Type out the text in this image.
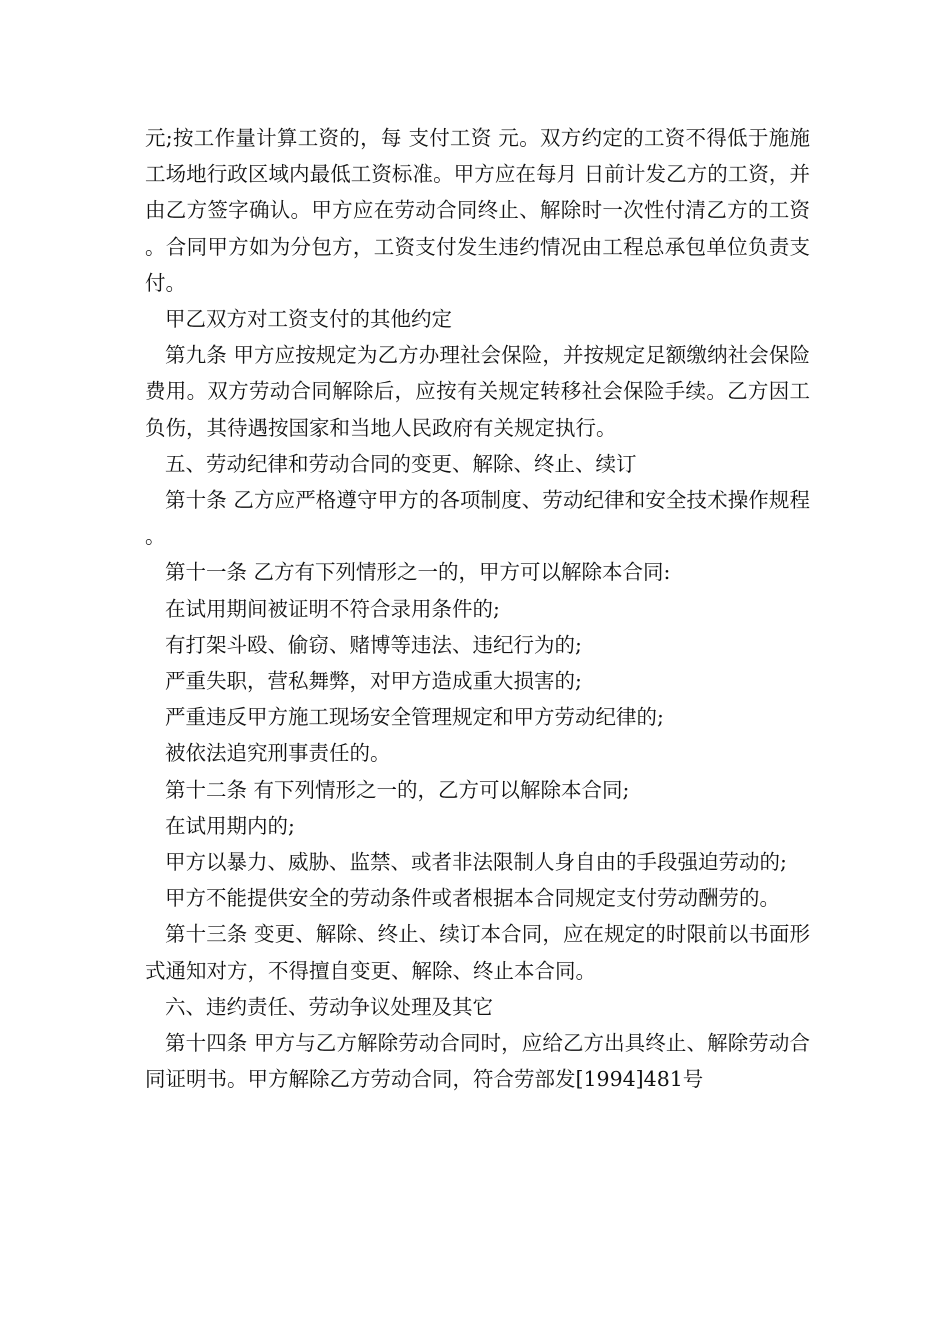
元;按工作量计算工资的，每 支付工资 元。双方约定的工资不得低于施施工场地行政区域内最低工资标准。甲方应在每月 日前计发乙方的工资，并由乙方签字确认。甲方应在劳动合同终止、解除时一次性付清乙方的工资。合同甲方如为分包方，工资支付发生违约情况由工程总承包单位负责支付。

甲乙双方对工资支付的其他约定

第九条 甲方应按规定为乙方办理社会保险，并按规定足额缴纳社会保险费用。双方劳动合同解除后，应按有关规定转移社会保险手续。乙方因工负伤，其待遇按国家和当地人民政府有关规定执行。

五、劳动纪律和劳动合同的变更、解除、终止、续订

第十条 乙方应严格遵守甲方的各项制度、劳动纪律和安全技术操作规程。

第十一条 乙方有下列情形之一的，甲方可以解除本合同:

在试用期间被证明不符合录用条件的;

有打架斗殴、偷窃、赌博等违法、违纪行为的;

严重失职，营私舞弊，对甲方造成重大损害的;

严重违反甲方施工现场安全管理规定和甲方劳动纪律的;

被依法追究刑事责任的。

第十二条 有下列情形之一的，乙方可以解除本合同;

在试用期内的;

甲方以暴力、威胁、监禁、或者非法限制人身自由的手段强迫劳动的;

甲方不能提供安全的劳动条件或者根据本合同规定支付劳动酬劳的。

第十三条 变更、解除、终止、续订本合同，应在规定的时限前以书面形式通知对方，不得擅自变更、解除、终止本合同。

六、违约责任、劳动争议处理及其它

第十四条 甲方与乙方解除劳动合同时，应给乙方出具终止、解除劳动合同证明书。甲方解除乙方劳动合同，符合劳部发[1994]481号
